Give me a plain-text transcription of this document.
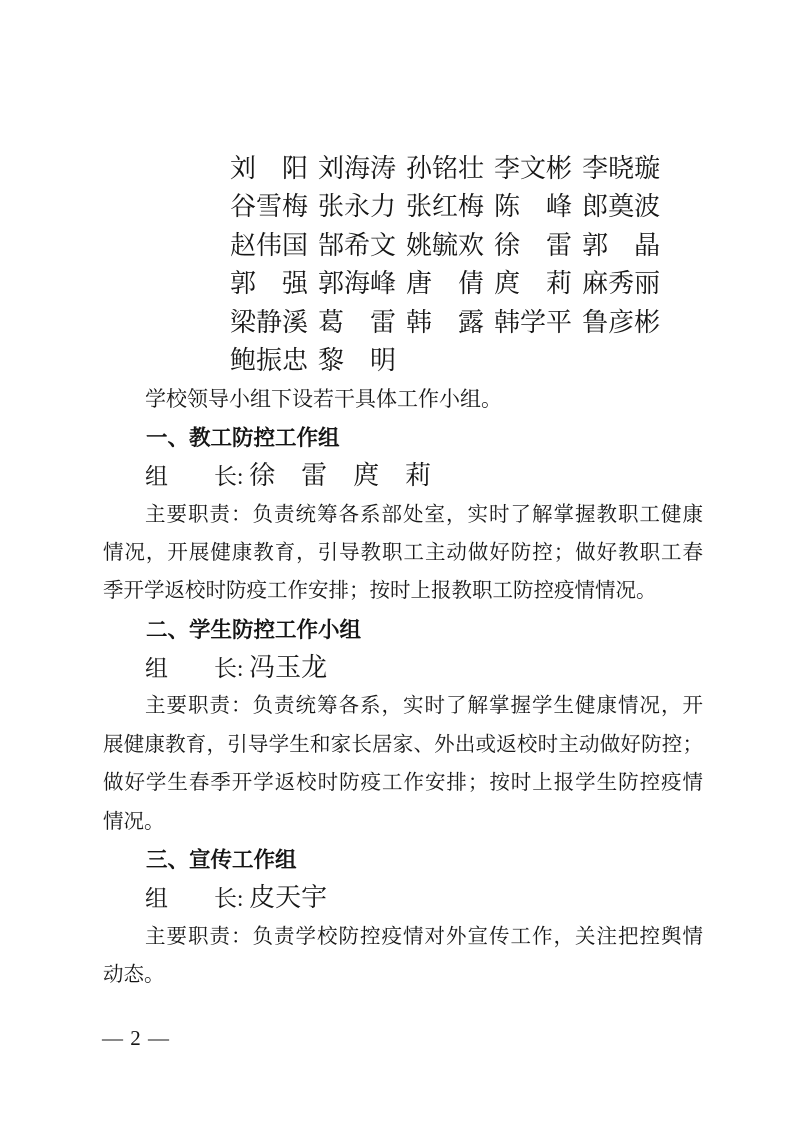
刘　阳 刘海涛 孙铭壮 李文彬 李晓璇
谷雪梅 张永力 张红梅 陈　峰 郎奠波
赵伟国 郜希文 姚毓欢 徐　雷 郭　晶
郭　强 郭海峰 唐　倩 庹　莉 麻秀丽
梁静溪 葛　雷 韩　露 韩学平 鲁彦彬
鲍振忠 黎　明
学校领导小组下设若干具体工作小组。
一、教工防控工作组
组　　长: 徐　雷　庹　莉
主要职责：负责统筹各系部处室，实时了解掌握教职工健康
情况，开展健康教育，引导教职工主动做好防控；做好教职工春
季开学返校时防疫工作安排；按时上报教职工防控疫情情况。
二、学生防控工作小组
组　　长: 冯玉龙
主要职责：负责统筹各系，实时了解掌握学生健康情况，开
展健康教育，引导学生和家长居家、外出或返校时主动做好防控；
做好学生春季开学返校时防疫工作安排；按时上报学生防控疫情
情况。
三、宣传工作组
组　　长: 皮天宇
主要职责：负责学校防控疫情对外宣传工作，关注把控舆情
动态。
— 2 —
